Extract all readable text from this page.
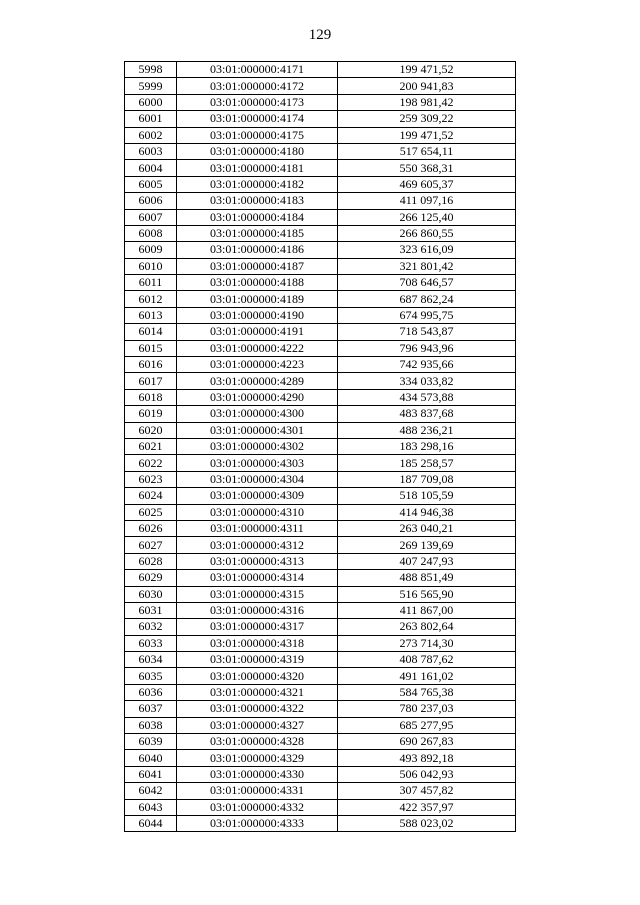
129
5998	03:01:000000:4171	199 471,52
5999	03:01:000000:4172	200 941,83
6000	03:01:000000:4173	198 981,42
6001	03:01:000000:4174	259 309,22
6002	03:01:000000:4175	199 471,52
6003	03:01:000000:4180	517 654,11
6004	03:01:000000:4181	550 368,31
6005	03:01:000000:4182	469 605,37
6006	03:01:000000:4183	411 097,16
6007	03:01:000000:4184	266 125,40
6008	03:01:000000:4185	266 860,55
6009	03:01:000000:4186	323 616,09
6010	03:01:000000:4187	321 801,42
6011	03:01:000000:4188	708 646,57
6012	03:01:000000:4189	687 862,24
6013	03:01:000000:4190	674 995,75
6014	03:01:000000:4191	718 543,87
6015	03:01:000000:4222	796 943,96
6016	03:01:000000:4223	742 935,66
6017	03:01:000000:4289	334 033,82
6018	03:01:000000:4290	434 573,88
6019	03:01:000000:4300	483 837,68
6020	03:01:000000:4301	488 236,21
6021	03:01:000000:4302	183 298,16
6022	03:01:000000:4303	185 258,57
6023	03:01:000000:4304	187 709,08
6024	03:01:000000:4309	518 105,59
6025	03:01:000000:4310	414 946,38
6026	03:01:000000:4311	263 040,21
6027	03:01:000000:4312	269 139,69
6028	03:01:000000:4313	407 247,93
6029	03:01:000000:4314	488 851,49
6030	03:01:000000:4315	516 565,90
6031	03:01:000000:4316	411 867,00
6032	03:01:000000:4317	263 802,64
6033	03:01:000000:4318	273 714,30
6034	03:01:000000:4319	408 787,62
6035	03:01:000000:4320	491 161,02
6036	03:01:000000:4321	584 765,38
6037	03:01:000000:4322	780 237,03
6038	03:01:000000:4327	685 277,95
6039	03:01:000000:4328	690 267,83
6040	03:01:000000:4329	493 892,18
6041	03:01:000000:4330	506 042,93
6042	03:01:000000:4331	307 457,82
6043	03:01:000000:4332	422 357,97
6044	03:01:000000:4333	588 023,02
